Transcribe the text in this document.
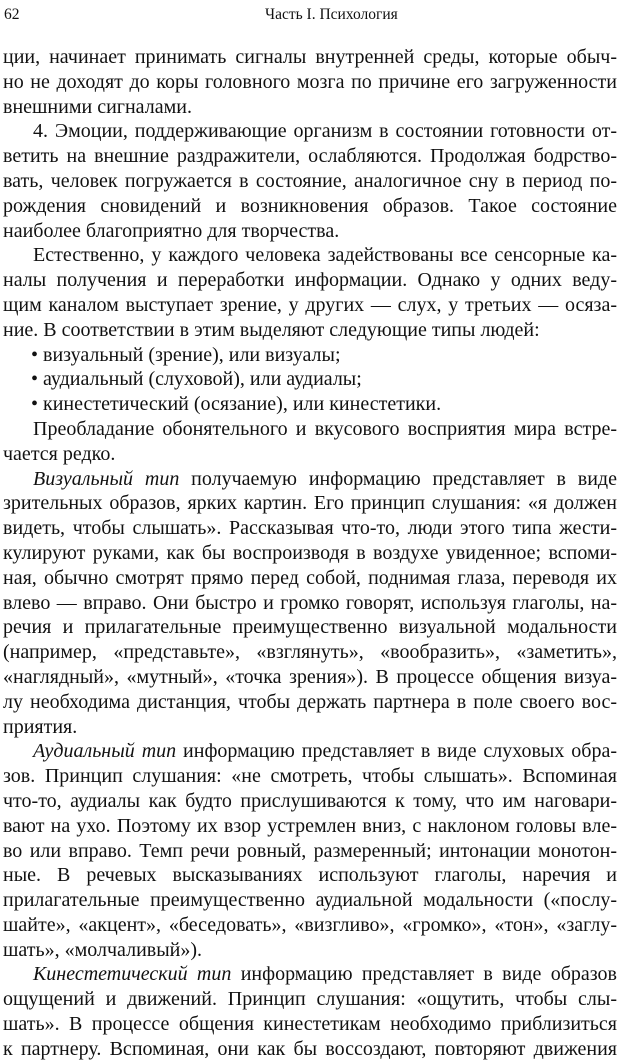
62	Часть I. Психология
ции, начинает принимать сигналы внутренней среды, которые обыч-
но не доходят до коры головного мозга по причине его загруженности
внешними сигналами.
4. Эмоции, поддерживающие организм в состоянии готовности от-
ветить на внешние раздражители, ослабляются. Продолжая бодрство-
вать, человек погружается в состояние, аналогичное сну в период по-
рождения сновидений и возникновения образов. Такое состояние
наиболее благоприятно для творчества.
Естественно, у каждого человека задействованы все сенсорные ка-
налы получения и переработки информации. Однако у одних веду-
щим каналом выступает зрение, у других — слух, у третьих — осяза-
ние. В соответствии в этим выделяют следующие типы людей:
• визуальный (зрение), или визуалы;
• аудиальный (слуховой), или аудиалы;
• кинестетический (осязание), или кинестетики.
Преобладание обонятельного и вкусового восприятия мира встре-
чается редко.
Визуальный тип получаемую информацию представляет в виде
зрительных образов, ярких картин. Его принцип слушания: «я должен
видеть, чтобы слышать». Рассказывая что-то, люди этого типа жести-
кулируют руками, как бы воспроизводя в воздухе увиденное; вспоми-
ная, обычно смотрят прямо перед собой, поднимая глаза, переводя их
влево — вправо. Они быстро и громко говорят, используя глаголы, на-
речия и прилагательные преимущественно визуальной модальности
(например, «представьте», «взглянуть», «вообразить», «заметить»,
«наглядный», «мутный», «точка зрения»). В процессе общения визуа-
лу необходима дистанция, чтобы держать партнера в поле своего вос-
приятия.
Аудиальный тип информацию представляет в виде слуховых обра-
зов. Принцип слушания: «не смотреть, чтобы слышать». Вспоминая
что-то, аудиалы как будто прислушиваются к тому, что им наговари-
вают на ухо. Поэтому их взор устремлен вниз, с наклоном головы вле-
во или вправо. Темп речи ровный, размеренный; интонации монотон-
ные. В речевых высказываниях используют глаголы, наречия и
прилагательные преимущественно аудиальной модальности («послу-
шайте», «акцент», «беседовать», «визгливо», «громко», «тон», «заглу-
шать», «молчаливый»).
Кинестетический тип информацию представляет в виде образов
ощущений и движений. Принцип слушания: «ощутить, чтобы слы-
шать». В процессе общения кинестетикам необходимо приблизиться
к партнеру. Вспоминая, они как бы воссоздают, повторяют движения
